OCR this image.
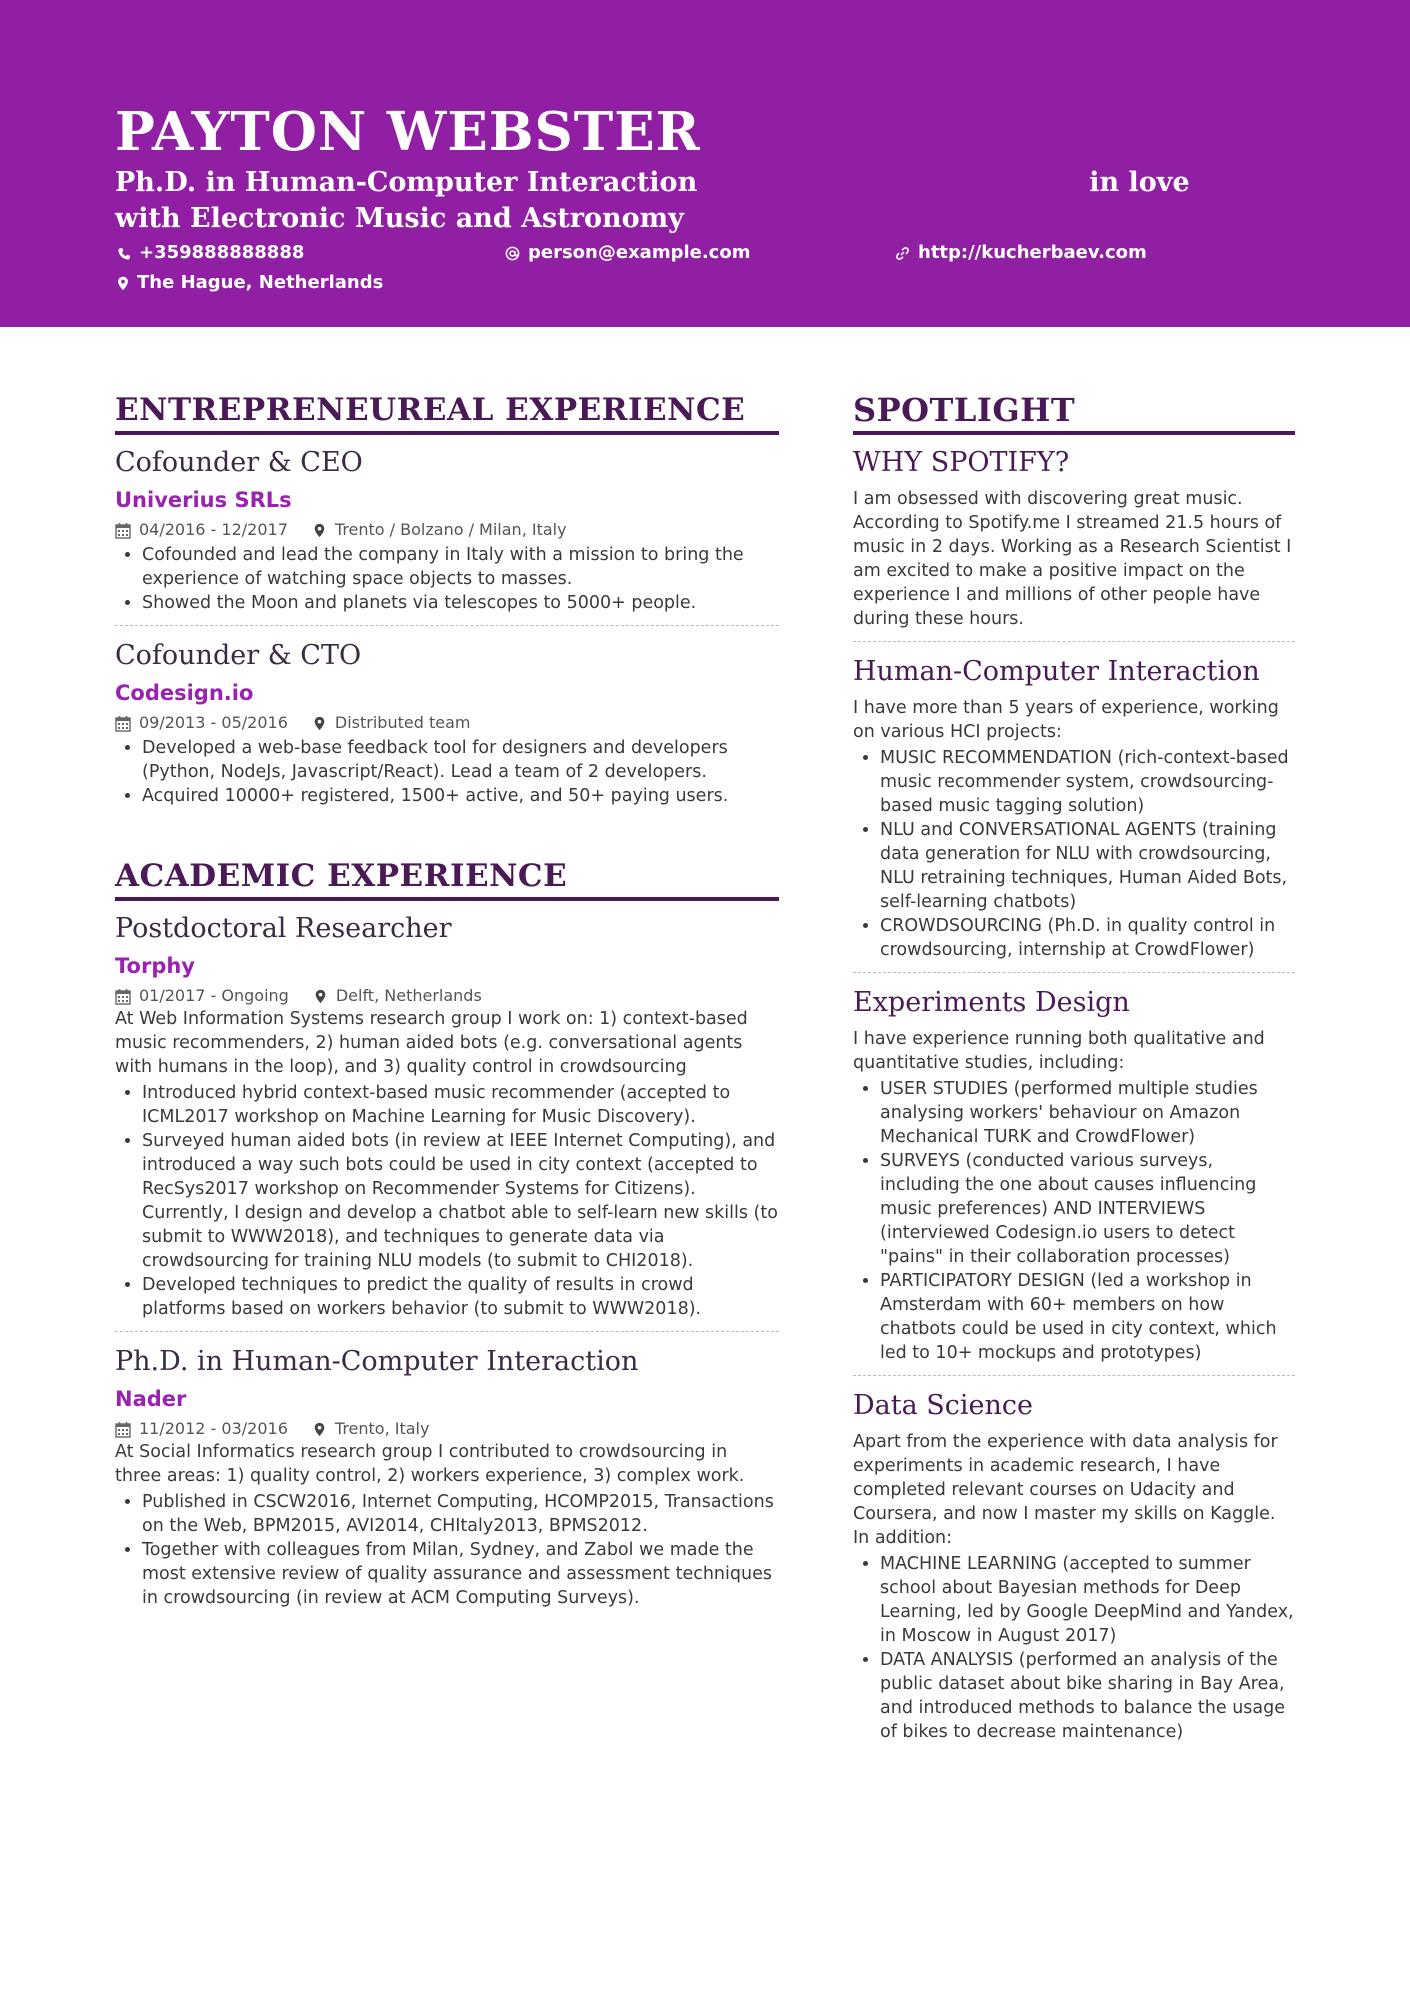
PAYTON WEBSTER

Ph.D. in Human-Computer Interaction	in love with Electronic Music and Astronomy

+359888888888	person@example.com	http://kucherbaev.com
The Hague, Netherlands
ENTREPRENEUREAL EXPERIENCE
Cofounder & CEO
Univerius SRLs
04/2016 - 12/2017	Trento / Bolzano / Milan, Italy
• Cofounded and lead the company in Italy with a mission to bring the experience of watching space objects to masses.
• Showed the Moon and planets via telescopes to 5000+ people.
Cofounder & CTO
Codesign.io
09/2013 - 05/2016	Distributed team
• Developed a web-base feedback tool for designers and developers (Python, NodeJs, Javascript/React). Lead a team of 2 developers.
• Acquired 10000+ registered, 1500+ active, and 50+ paying users.
ACADEMIC EXPERIENCE
Postdoctoral Researcher
Torphy
01/2017 - Ongoing	Delft, Netherlands

At Web Information Systems research group I work on: 1) context-based music recommenders, 2) human aided bots (e.g. conversational agents with humans in the loop), and 3) quality control in crowdsourcing

• Introduced hybrid context-based music recommender (accepted to ICML2017 workshop on Machine Learning for Music Discovery).
• Surveyed human aided bots (in review at IEEE Internet Computing), and introduced a way such bots could be used in city context (accepted to RecSys2017 workshop on Recommender Systems for Citizens). Currently, I design and develop a chatbot able to self-learn new skills (to submit to WWW2018), and techniques to generate data via crowdsourcing for training NLU models (to submit to CHI2018).
• Developed techniques to predict the quality of results in crowd platforms based on workers behavior (to submit to WWW2018).
Ph.D. in Human-Computer Interaction
Nader
11/2012 - 03/2016	Trento, Italy

At Social Informatics research group I contributed to crowdsourcing in three areas: 1) quality control, 2) workers experience, 3) complex work.

• Published in CSCW2016, Internet Computing, HCOMP2015, Transactions on the Web, BPM2015, AVI2014, CHItaly2013, BPMS2012.
• Together with colleagues from Milan, Sydney, and Zabol we made the most extensive review of quality assurance and assessment techniques in crowdsourcing (in review at ACM Computing Surveys).
SPOTLIGHT
WHY SPOTIFY?

I am obsessed with discovering great music. According to Spotify.me I streamed 21.5 hours of music in 2 days. Working as a Research Scientist I am excited to make a positive impact on the experience I and millions of other people have during these hours.

Human-Computer Interaction

I have more than 5 years of experience, working on various HCI projects:

• MUSIC RECOMMENDATION (rich-context-based music recommender system, crowdsourcing-based music tagging solution)
• NLU and CONVERSATIONAL AGENTS (training data generation for NLU with crowdsourcing, NLU retraining techniques, Human Aided Bots, self-learning chatbots)
• CROWDSOURCING (Ph.D. in quality control in crowdsourcing, internship at CrowdFlower)
Experiments Design

I have experience running both qualitative and quantitative studies, including:

• USER STUDIES (performed multiple studies analysing workers' behaviour on Amazon Mechanical TURK and CrowdFlower)
• SURVEYS (conducted various surveys, including the one about causes influencing music preferences) AND INTERVIEWS (interviewed Codesign.io users to detect "pains" in their collaboration processes)
• PARTICIPATORY DESIGN (led a workshop in Amsterdam with 60+ members on how chatbots could be used in city context, which led to 10+ mockups and prototypes)
Data Science

Apart from the experience with data analysis for experiments in academic research, I have completed relevant courses on Udacity and Coursera, and now I master my skills on Kaggle. In addition:

• MACHINE LEARNING (accepted to summer school about Bayesian methods for Deep Learning, led by Google DeepMind and Yandex, in Moscow in August 2017)
• DATA ANALYSIS (performed an analysis of the public dataset about bike sharing in Bay Area, and introduced methods to balance the usage of bikes to decrease maintenance)
